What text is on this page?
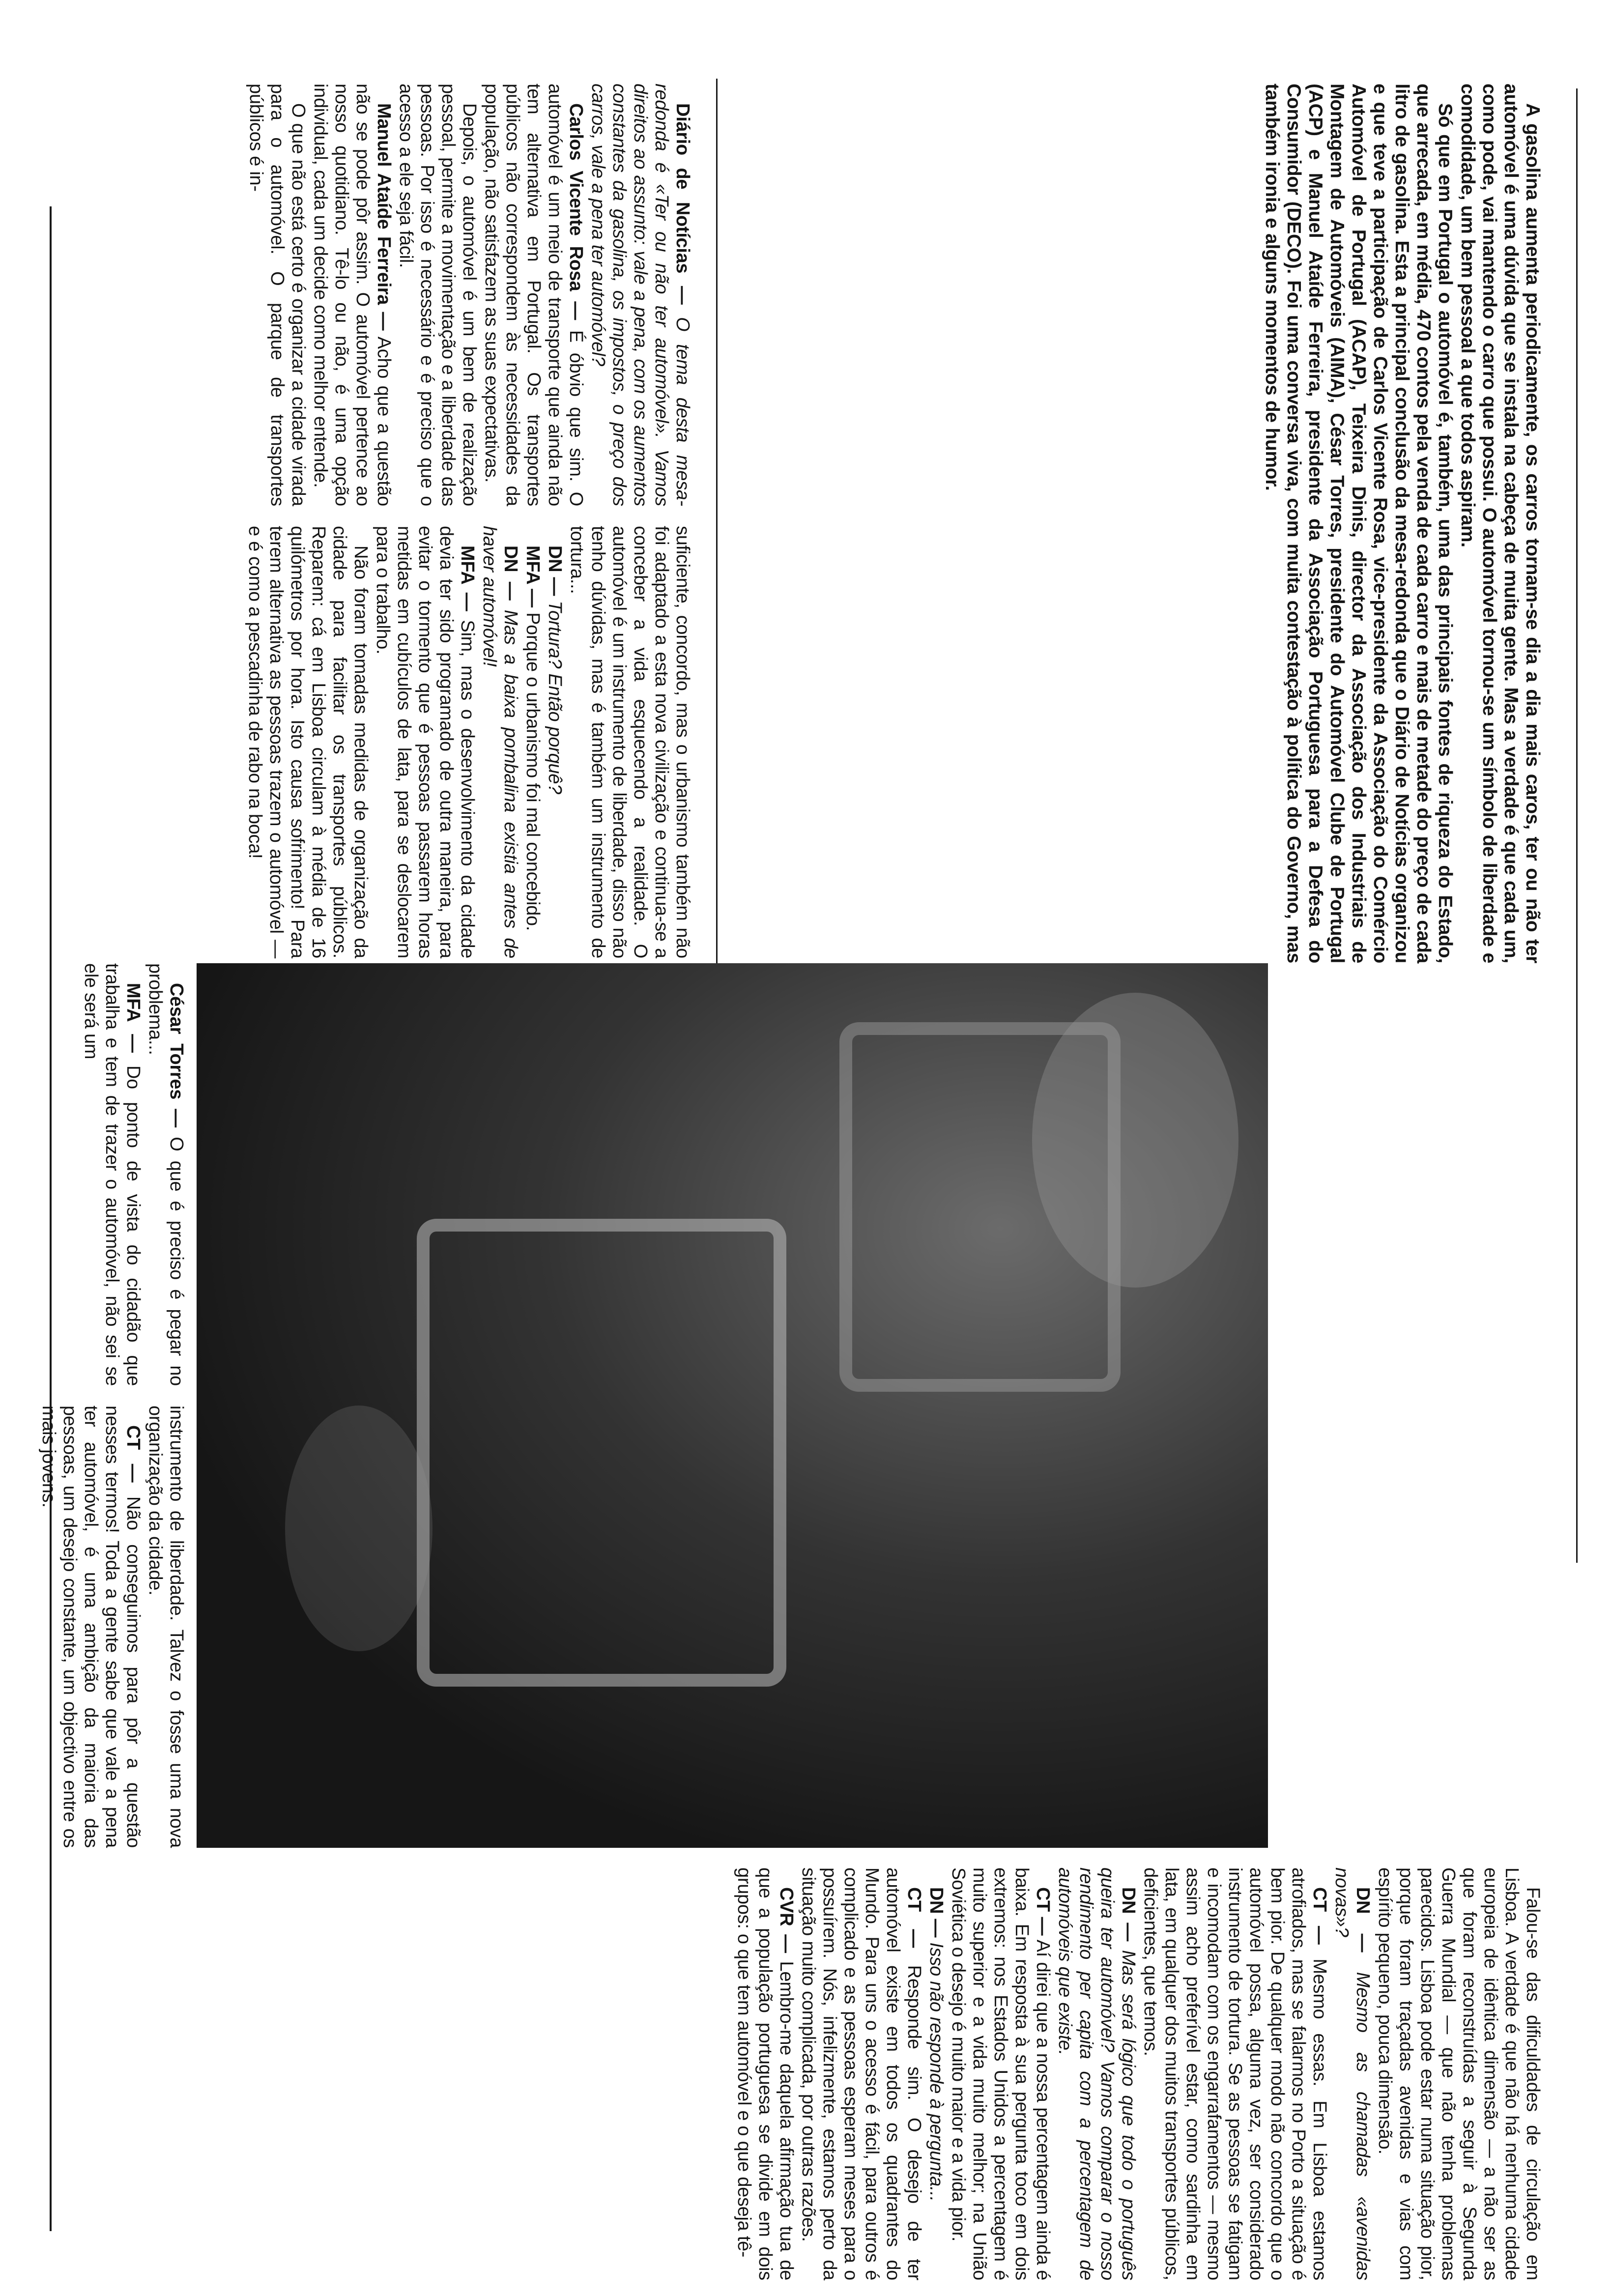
A gasolina aumenta periodicamente, os carros tornam-se dia a dia mais caros, ter ou não ter automóvel é uma dúvida que se instala na cabeça de muita gente. Mas a verdade é que cada um, como pode, vai mantendo o carro que possui. O automóvel tornou-se um símbolo de liberdade e comodidade, um bem pessoal a que todos aspiram.

Só que em Portugal o automóvel é, também, uma das principais fontes de riqueza do Estado, que arrecada, em média, 470 contos pela venda de cada carro e mais de metade do preço de cada litro de gasolina. Esta a principal conclusão da mesa-redonda que o Diário de Notícias organizou e que teve a participação de Carlos Vicente Rosa, vice-presidente da Associação do Comércio Automóvel de Portugal (ACAP), Teixeira Dinis, director da Associação dos Industriais de Montagem de Automóveis (AIMA), César Torres, presidente do Automóvel Clube de Portugal (ACP) e Manuel Ataíde Ferreira, presidente da Associação Portuguesa para a Defesa do Consumidor (DECO). Foi uma conversa viva, com muita contestação à política do Governo, mas também ironia e alguns momentos de humor.

Diário de Notícias — O tema desta mesa-redonda é «Ter ou não ter automóvel». Vamos direitos ao assunto: vale a pena, com os aumentos constantes da gasolina, os impostos, o preço dos carros, vale a pena ter automóvel?

Carlos Vicente Rosa — É óbvio que sim. O automóvel é um meio de transporte que ainda não tem alternativa em Portugal. Os transportes públicos não correspondem às necessidades da população, não satisfazem as suas expectativas.

Depois, o automóvel é um bem de realização pessoal, permite a movimentação e a liberdade das pessoas. Por isso é necessário e é preciso que o acesso a ele seja fácil.

Manuel Ataíde Ferreira — Acho que a questão não se pode pôr assim. O automóvel pertence ao nosso quotidiano. Tê-lo ou não, é uma opção individual, cada um decide como melhor entende.

O que não está certo é organizar a cidade virada para o automóvel. O parque de transportes públicos é in-

suficiente, concordo, mas o urbanismo também não foi adaptado a esta nova civilização e continua-se a conceber a vida esquecendo a realidade. O automóvel é um instrumento de liberdade, disso não tenho dúvidas, mas é também um instrumento de tortura...

DN — Tortura? Então porquê?

MFA — Porque o urbanismo foi mal concebido.

DN — Mas a baixa pombalina existia antes de haver automóvel!

MFA — Sim, mas o desenvolvimento da cidade devia ter sido programado de outra maneira, para evitar o tormento que é pessoas passarem horas metidas em cubículos de lata, para se deslocarem para o trabalho.

Não foram tomadas medidas de organização da cidade para facilitar os transportes públicos. Reparem: cá em Lisboa circulam à média de 16 quilómetros por hora. Isto causa sofrimento! Para terem alternativa as pessoas trazem o automóvel — e é como a pescadinha de rabo na boca!

César Torres — O que é preciso é pegar no problema...

MFA — Do ponto de vista do cidadão que trabalha e tem de trazer o automóvel, não sei se ele será um

instrumento de liberdade. Talvez o fosse uma nova organização da cidade.

CT — Não conseguimos para pôr a questão nesses termos! Toda a gente sabe que vale a pena ter automóvel, é uma ambição da maioria das pessoas, um desejo constante, um objectivo entre os mais jovens.

Falou-se das dificuldades de circulação em Lisboa. A verdade é que não há nenhuma cidade europeia de idêntica dimensão — a não ser as que foram reconstruídas a seguir à Segunda Guerra Mundial — que não tenha problemas parecidos. Lisboa pode estar numa situação pior, porque foram traçadas avenidas e vias com espírito pequeno, pouca dimensão.

DN — Mesmo as chamadas «avenidas novas»?

CT — Mesmo essas. Em Lisboa estamos atrofiados, mas se falarmos no Porto a situação é bem pior. De qualquer modo não concordo que o automóvel possa, alguma vez, ser considerado instrumento de tortura. Se as pessoas se fatigam e incomodam com os engarrafamentos — mesmo assim acho preferível estar, como sardinha em lata, em qualquer dos muitos transportes públicos, deficientes, que temos.

DN — Mas será lógico que todo o português queira ter automóvel? Vamos comparar o nosso rendimento per capita com a percentagem de automóveis que existe.

CT — Aí direi que a nossa percentagem ainda é baixa. Em resposta à sua pergunta toco em dois extremos: nos Estados Unidos a percentagem é muito superior e a vida muito melhor; na União Soviética o desejo é muito maior e a vida pior.

DN — Isso não responde à pergunta...

CT — Responde sim. O desejo de ter automóvel existe em todos os quadrantes do Mundo. Para uns o acesso é fácil, para outros é complicado e as pessoas esperam meses para o possuírem. Nós, infelizmente, estamos perto da situação muito complicada, por outras razões.

CVR — Lembro-me daquela afirmação tua de que a população portuguesa se divide em dois grupos: o que tem automóvel e o que deseja tê-
